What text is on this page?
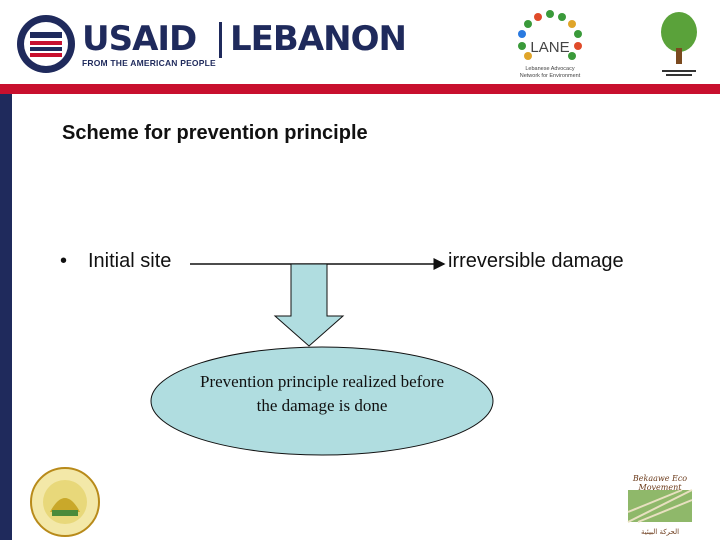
USAID LEBANON
FROM THE AMERICAN PEOPLE
LANE
Lebanese Advocacy
Network for Environment
Scheme for prevention principle
• Initial site	irreversible damage
Prevention principle realized before the damage is done
الحركة البيئية
Bekaawe Eco Movement
